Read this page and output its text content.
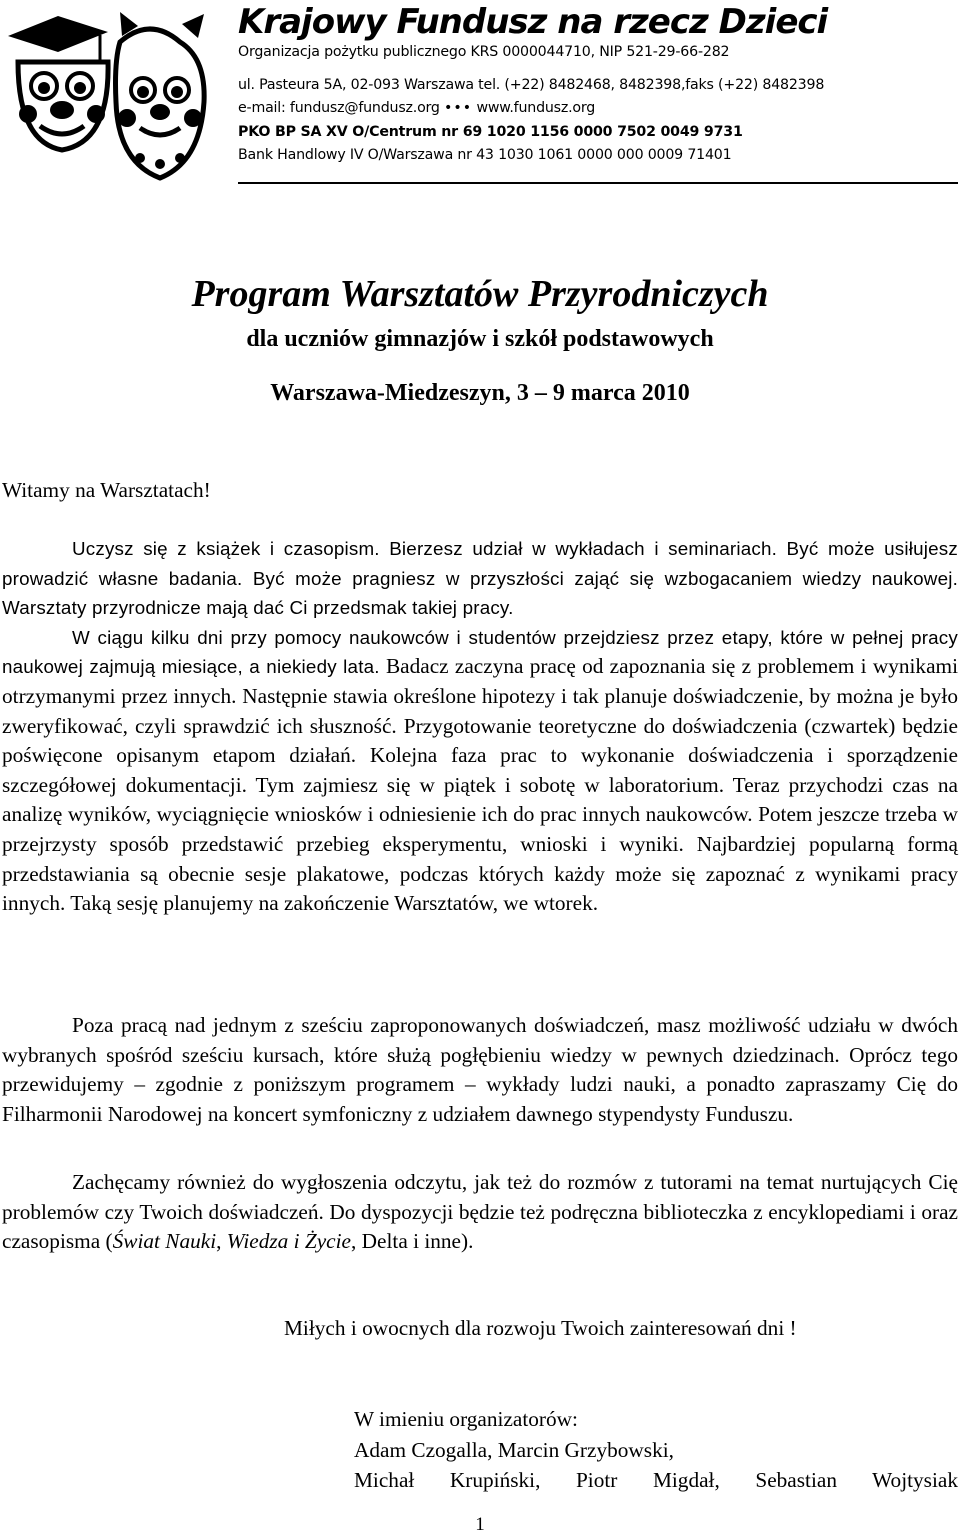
Krajowy Fundusz na rzecz Dzieci
Organizacja pożytku publicznego KRS 0000044710, NIP 521-29-66-282
ul. Pasteura 5A, 02-093 Warszawa tel. (+22) 8482468, 8482398,faks (+22) 8482398
e-mail: fundusz@fundusz.org ••• www.fundusz.org
PKO BP SA XV O/Centrum nr 69 1020 1156 0000 7502 0049 9731
Bank Handlowy IV O/Warszawa nr 43 1030 1061 0000 000 0009 71401
Program Warsztatów Przyrodniczych
dla uczniów gimnazjów i szkół podstawowych
Warszawa-Miedzeszyn, 3 – 9 marca 2010
Witamy na Warsztatach!

Uczysz się z książek i czasopism. Bierzesz udział w wykładach i seminariach. Być może usiłujesz prowadzić własne badania. Być może pragniesz w przyszłości zająć się wzbogacaniem wiedzy naukowej. Warsztaty przyrodnicze mają dać Ci przedsmak takiej pracy.

W ciągu kilku dni przy pomocy naukowców i studentów przejdziesz przez etapy, które w pełnej pracy naukowej zajmują miesiące, a niekiedy lata. Badacz zaczyna pracę od zapoznania się z problemem i wynikami otrzymanymi przez innych. Następnie stawia określone hipotezy i tak planuje doświadczenie, by można je było zweryfikować, czyli sprawdzić ich słuszność. Przygotowanie teoretyczne do doświadczenia (czwartek) będzie poświęcone opisanym etapom działań. Kolejna faza prac to wykonanie doświadczenia i sporządzenie szczegółowej dokumentacji. Tym zajmiesz się w piątek i sobotę w laboratorium. Teraz przychodzi czas na analizę wyników, wyciągnięcie wniosków i odniesienie ich do prac innych naukowców. Potem jeszcze trzeba w przejrzysty sposób przedstawić przebieg eksperymentu, wnioski i wyniki. Najbardziej popularną formą przedstawiania są obecnie sesje plakatowe, podczas których każdy może się zapoznać z wynikami pracy innych. Taką sesję planujemy na zakończenie Warsztatów, we wtorek.

Poza pracą nad jednym z sześciu zaproponowanych doświadczeń, masz możliwość udziału w dwóch wybranych spośród sześciu kursach, które służą pogłębieniu wiedzy w pewnych dziedzinach. Oprócz tego przewidujemy – zgodnie z poniższym programem – wykłady ludzi nauki, a ponadto zapraszamy Cię do Filharmonii Narodowej na koncert symfoniczny z udziałem dawnego stypendysty Funduszu.

Zachęcamy również do wygłoszenia odczytu, jak też do rozmów z tutorami na temat nurtujących Cię problemów czy Twoich doświadczeń. Do dyspozycji będzie też podręczna biblioteczka z encyklopediami i oraz czasopisma (Świat Nauki, Wiedza i Życie, Delta i inne).

Miłych i owocnych dla rozwoju Twoich zainteresowań dni !
W imieniu organizatorów:
Adam Czogalla, Marcin Grzybowski,
Michał Krupiński, Piotr Migdał, Sebastian Wojtysiak
1
